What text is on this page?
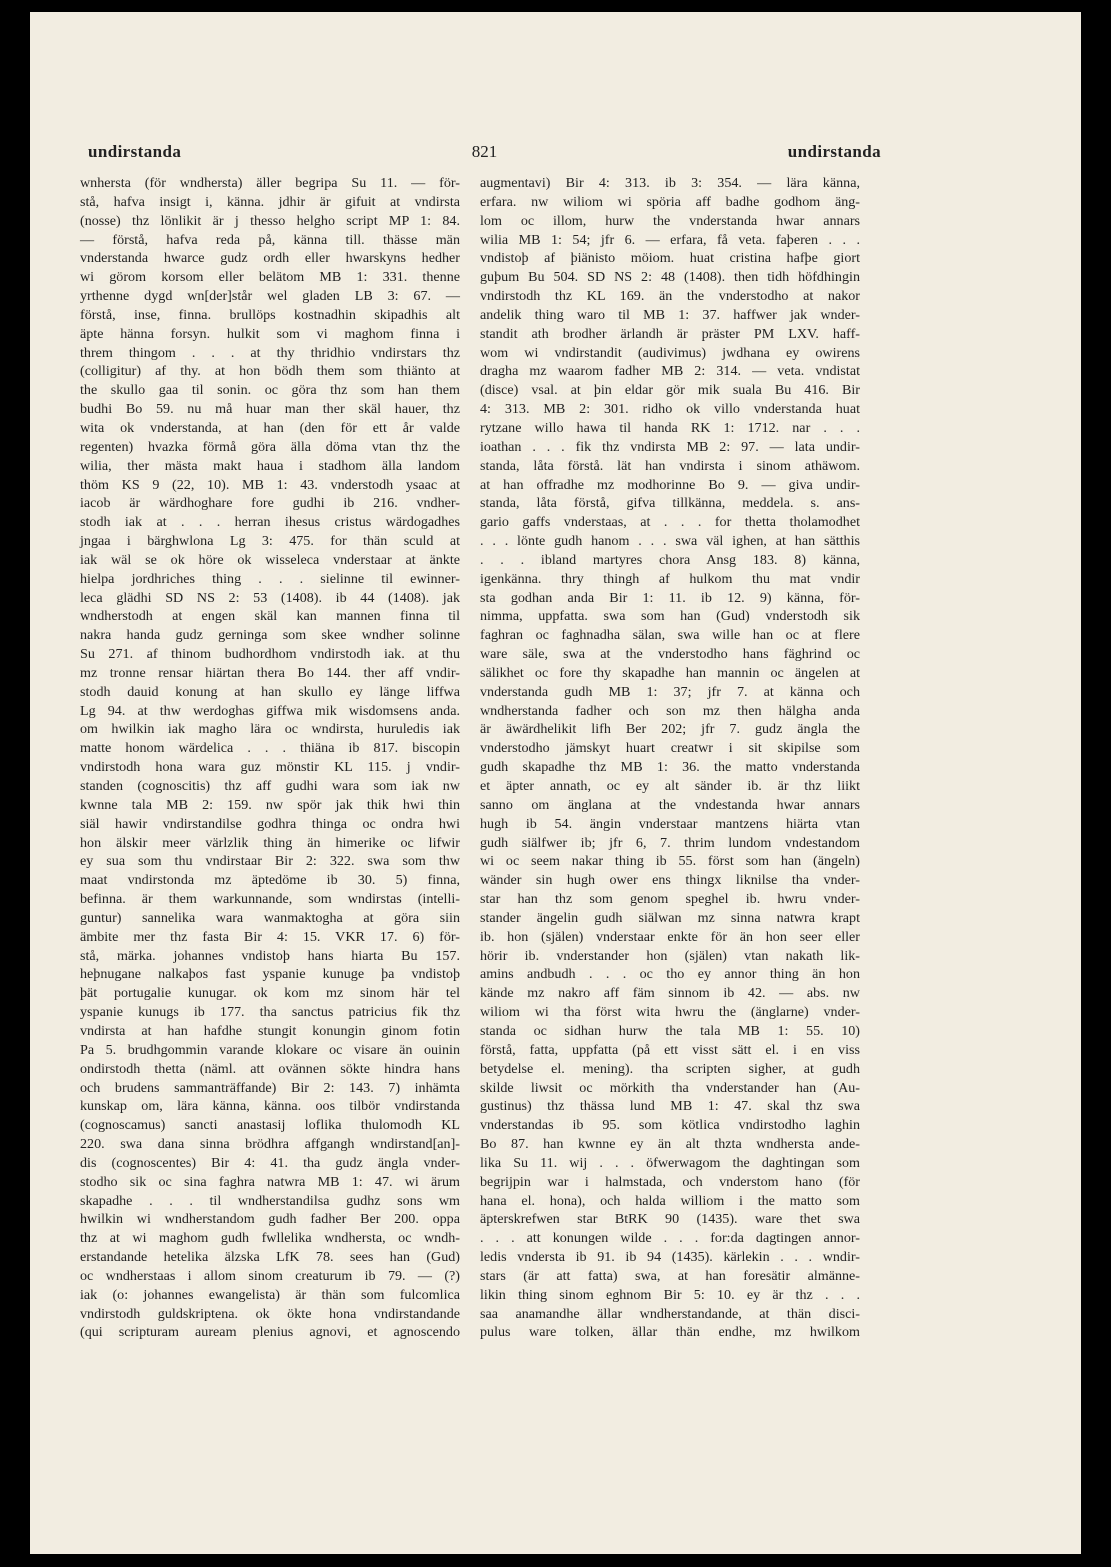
undirstanda	821	undirstanda
wnhersta (för wndhersta) äller begripa Su 11. — för-
stå, hafva insigt i, känna. jdhir är gifuit at vndirsta
(nosse) thz lönlikit är j thesso helgho script MP 1: 84.
— förstå, hafva reda på, känna till. thässe män
vnderstanda hwarce gudz ordh eller hwarskyns hedher
wi görom korsom eller belätom MB 1: 331. thenne
yrthenne dygd wn[der]står wel gladen LB 3: 67. —
förstå, inse, finna. brullöps kostnadhin skipadhis alt
äpte hänna forsyn. hulkit som vi maghom finna i
threm thingom . . . at thy thridhio vndirstars thz
(colligitur) af thy. at hon bödh them som thiänto at
the skullo gaa til sonin. oc göra thz som han them
budhi Bo 59. nu må huar man ther skäl hauer, thz
wita ok vnderstanda, at han (den för ett år valde
regenten) hvazka förmå göra älla döma vtan thz the
wilia, ther mästa makt haua i stadhom älla landom
thöm KS 9 (22, 10). MB 1: 43. vnderstodh ysaac at
iacob är wärdhoghare fore gudhi ib 216. vndher-
stodh iak at . . . herran ihesus cristus wärdogadhes
jngaa i bärghwlona Lg 3: 475. for thän sculd at
iak wäl se ok höre ok wisseleca vnderstaar at änkte
hielpa jordhriches thing . . . sielinne til ewinner-
leca glädhi SD NS 2: 53 (1408). ib 44 (1408). jak
wndherstodh at engen skäl kan mannen finna til
nakra handa gudz gerninga som skee wndher solinne
Su 271. af thinom budhordhom vndirstodh iak. at thu
mz tronne rensar hiärtan thera Bo 144. ther aff vndir-
stodh dauid konung at han skullo ey länge liffwa
Lg 94. at thw werdoghas giffwa mik wisdomsens anda.
om hwilkin iak magho lära oc wndirsta, huruledis iak
matte honom wärdelica . . . thiäna ib 817. biscopin
vndirstodh hona wara guz mönstir KL 115. j vndir-
standen (cognoscitis) thz aff gudhi wara som iak nw
kwnne tala MB 2: 159. nw spör jak thik hwi thin
siäl hawir vndirstandilse godhra thinga oc ondra hwi
hon älskir meer värlzlik thing än himerike oc lifwir
ey sua som thu vndirstaar Bir 2: 322. swa som thw
maat vndirstonda mz äptedöme ib 30. 5) finna,
befinna. är them warkunnande, som wndirstas (intelli-
guntur) sannelika wara wanmaktogha at göra siin
ämbite mer thz fasta Bir 4: 15. VKR 17. 6) för-
stå, märka. johannes vndistoþ hans hiarta Bu 157.
heþnugane nalkaþos fast yspanie kunuge þa vndistoþ
þät portugalie kunugar. ok kom mz sinom här tel
yspanie kunugs ib 177. tha sanctus patricius fik thz
vndirsta at han hafdhe stungit konungin ginom fotin
Pa 5. brudhgommin varande klokare oc visare än ouinin
ondirstodh thetta (näml. att ovännen sökte hindra hans
och brudens sammanträffande) Bir 2: 143. 7) inhämta
kunskap om, lära känna, känna. oos tilbör vndirstanda
(cognoscamus) sancti anastasij loflika thulomodh KL
220. swa dana sinna brödhra affgangh wndirstand[an]-
dis (cognoscentes) Bir 4: 41. tha gudz ängla vnder-
stodho sik oc sina faghra natwra MB 1: 47. wi ärum
skapadhe . . . til wndherstandilsa gudhz sons wm
hwilkin wi wndherstandom gudh fadher Ber 200. oppa
thz at wi maghom gudh fwllelika wndhersta, oc wndh-
erstandande hetelika älzska LfK 78. sees han (Gud)
oc wndherstaas i allom sinom creaturum ib 79. — (?)
iak (o: johannes ewangelista) är thän som fulcomlica
vndirstodh guldskriptena. ok ökte hona vndirstandande
(qui scripturam auream plenius agnovi, et agnoscendo
augmentavi) Bir 4: 313. ib 3: 354. — lära känna,
erfara. nw wiliom wi spöria aff badhe godhom äng-
lom oc illom, hurw the vnderstanda hwar annars
wilia MB 1: 54; jfr 6. — erfara, få veta. faþeren . . .
vndistoþ af þiänisto möiom. huat cristina hafþe giort
guþum Bu 504. SD NS 2: 48 (1408). then tidh höfdhingin
vndirstodh thz KL 169. än the vnderstodho at nakor
andelik thing waro til MB 1: 37. haffwer jak wnder-
standit ath brodher ärlandh är präster PM LXV. haff-
wom wi vndirstandit (audivimus) jwdhana ey owirens
dragha mz waarom fadher MB 2: 314. — veta. vndistat
(disce) vsal. at þin eldar gör mik suala Bu 416. Bir
4: 313. MB 2: 301. ridho ok villo vnderstanda huat
rytzane willo hawa til handa RK 1: 1712. nar . . .
ioathan . . . fik thz vndirsta MB 2: 97. — lata undir-
standa, låta förstå. lät han vndirsta i sinom athäwom.
at han offradhe mz modhorinne Bo 9. — giva undir-
standa, låta förstå, gifva tillkänna, meddela. s. ans-
gario gaffs vnderstaas, at . . . for thetta tholamodhet
. . . lönte gudh hanom . . . swa väl ighen, at han sätthis
. . . ibland martyres chora Ansg 183. 8) känna,
igenkänna. thry thingh af hulkom thu mat vndir
sta godhan anda Bir 1: 11. ib 12. 9) känna, för-
nimma, uppfatta. swa som han (Gud) vnderstodh sik
faghran oc faghnadha sälan, swa wille han oc at flere
ware säle, swa at the vnderstodho hans fäghrind oc
sälikhet oc fore thy skapadhe han mannin oc ängelen at
vnderstanda gudh MB 1: 37; jfr 7. at känna och
wndherstanda fadher och son mz then hälgha anda
är äwärdhelikit lifh Ber 202; jfr 7. gudz ängla the
vnderstodho jämskyt huart creatwr i sit skipilse som
gudh skapadhe thz MB 1: 36. the matto vnderstanda
et äpter annath, oc ey alt sänder ib. är thz liikt
sanno om änglana at the vndestanda hwar annars
hugh ib 54. ängin vnderstaar mantzens hiärta vtan
gudh siälfwer ib; jfr 6, 7. thrim lundom vndestandom
wi oc seem nakar thing ib 55. först som han (ängeln)
wänder sin hugh ower ens thingx liknilse tha vnder-
star han thz som genom speghel ib. hwru vnder-
stander ängelin gudh siälwan mz sinna natwra krapt
ib. hon (själen) vnderstaar enkte för än hon seer eller
hörir ib. vnderstander hon (själen) vtan nakath lik-
amins andbudh . . . oc tho ey annor thing än hon
kände mz nakro aff fäm sinnom ib 42. — abs. nw
wiliom wi tha först wita hwru the (änglarne) vnder-
standa oc sidhan hurw the tala MB 1: 55. 10)
förstå, fatta, uppfatta (på ett visst sätt el. i en viss
betydelse el. mening). tha scripten sigher, at gudh
skilde liwsit oc mörkith tha vnderstander han (Au-
gustinus) thz thässa lund MB 1: 47. skal thz swa
vnderstandas ib 95. som kötlica vndirstodho laghin
Bo 87. han kwnne ey än alt thzta wndhersta ande-
lika Su 11. wij . . . öfwerwagom the daghtingan som
begrijpin war i halmstada, och vnderstom hano (för
hana el. hona), och halda williom i the matto som
äpterskrefwen star BtRK 90 (1435). ware thet swa
. . . att konungen wilde . . . for:da dagtingen annor-
ledis vndersta ib 91. ib 94 (1435). kärlekin . . . wndir-
stars (är att fatta) swa, at han foresätir almänne-
likin thing sinom eghnom Bir 5: 10. ey är thz . . .
saa anamandhe ällar wndherstandande, at thän disci-
pulus ware tolken, ällar thän endhe, mz hwilkom
